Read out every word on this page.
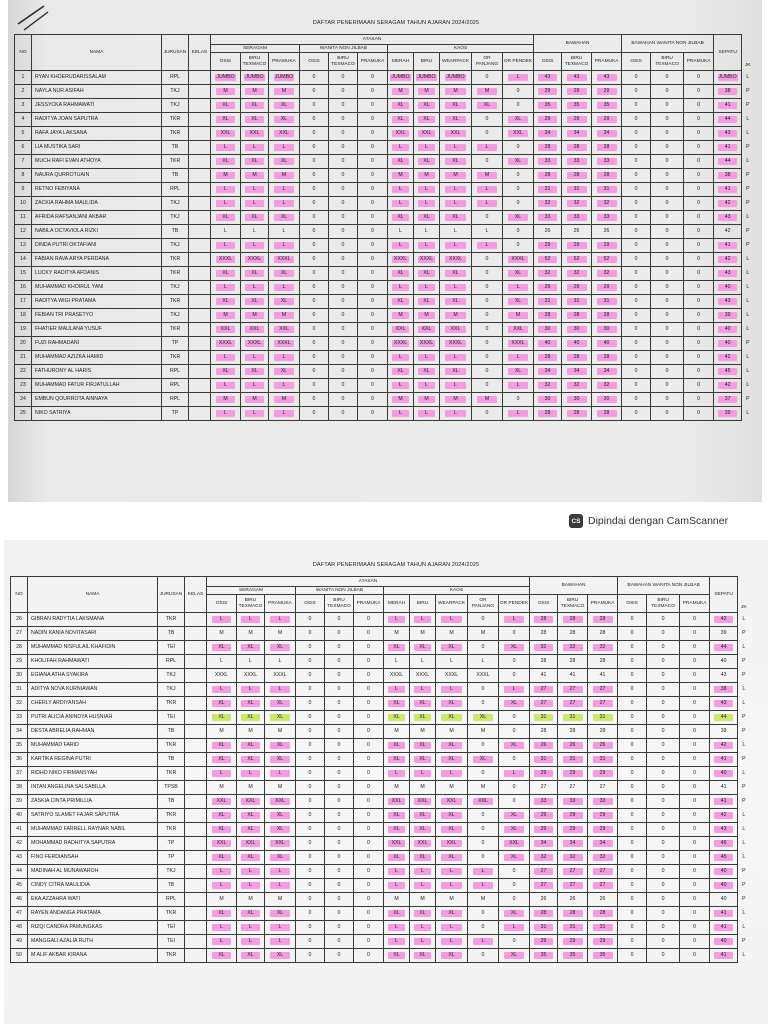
DAFTAR PENERIMAAN SERAGAM TAHUN AJARAN 2024/2025
NO	NAMA	JURUSAN	KELAS	ATASAN											BAWAHAN			BAWAHAN WANITA NON JILBAB			SEPATU	JK
				SERAGAM			WANITA NON JILBAB			KAOS												
				OSIS	BIRU TEXMACO	PRAMUKA	OSIS	BIRU TEXMACO	PRAMUKA	MERAH	BIRU	WEARPACK	OR PANJANG	OR PENDEK	OSIS	BIRU TEXMACO	PRAMUKA	OSIS	BIRU TEXMACO	PRAMUKA		
1	RYAN KHOERUDARISSALAM	RPL		JUMBO	JUMBO	JUMBO	0	0	0	JUMBO	JUMBO	JUMBO	0	L	43	43	43	0	0	0	JUMBO	L
2	NAYLA NUR ASIFAH	TKJ		M	M	M	0	0	0	M	M	M	M	0	29	29	29	0	0	0	38	P
3	JESSYCKA RAHMAWATI	TKJ		XL	XL	XL	0	0	0	XL	XL	XL	XL	0	35	35	35	0	0	0	41	P
4	RADITYA JOAN SAPUTRA	TKR		XL	XL	XL	0	0	0	XL	XL	XL	0	XL	29	29	29	0	0	0	44	L
5	RAFA JAYA LAKSANA	TKR		XXL	XXL	XXL	0	0	0	XXL	XXL	XXL	0	XXL	34	34	34	0	0	0	43	L
6	LIA MUSTIKA SARI	TB		L	L	L	0	0	0	L	L	L	L	0	28	28	28	0	0	0	41	P
7	MUCH RAFI EVAN ATHOYA	TKR		XL	XL	XL	0	0	0	XL	XL	XL	0	XL	33	33	33	0	0	0	44	L
8	NAURA QURROTUAIN	TB		M	M	M	0	0	0	M	M	M	M	0	28	28	28	0	0	0	38	P
9	RETNO FEBIYANA	RPL		L	L	L	0	0	0	L	L	L	L	0	31	31	31	0	0	0	41	P
10	ZACKIA RAHMA MAULIDA	TKJ		L	L	L	0	0	0	L	L	L	L	0	32	32	32	0	0	0	42	P
11	AFRIDA RAFSANJANI AKBAR	TKJ		XL	XL	XL	0	0	0	XL	XL	XL	0	XL	33	33	33	0	0	0	43	L
12	NABILA OCTAVIOLA RIZKI	TB		L	L	L	0	0	0	L	L	L	L	0	26	26	26	0	0	0	42	P
13	DINDA PUTRI OKTAFIANI	TKJ		L	L	L	0	0	0	L	L	L	L	0	29	29	29	0	0	0	41	P
14	FABIAN RAVA ARYA PERDANA	TKR		XXXL	XXXL	XXXL	0	0	0	XXXL	XXXL	XXXL	0	XXXL	52	52	52	0	0	0	42	L
15	LUCKY RADITYA AFDANIS	TKR		XL	XL	XL	0	0	0	XL	XL	XL	0	XL	32	32	32	0	0	0	43	L
16	MUHAMMAD KHOIRUL YANI	TKJ		L	L	L	0	0	0	L	L	L	0	L	29	29	29	0	0	0	40	L
17	RADITYA WIGI PRATAMA	TKR		XL	XL	XL	0	0	0	XL	XL	XL	0	XL	31	31	31	0	0	0	43	L
18	FEBIAN TRI PRASETYO	TKJ		M	M	M	0	0	0	M	M	M	0	M	28	28	28	0	0	0	39	L
19	FHATIER MAULANA YUSUF	TKR		XXL	XXL	XXL	0	0	0	XXL	XXL	XXL	0	XXL	30	30	30	0	0	0	40	L
20	FUZI RAHMADANI	TP		XXXL	XXXL	XXXL	0	0	0	XXXL	XXXL	XXXL	0	XXXL	40	40	40	0	0	0	40	P
21	MUHAMMAD AZIZKA HAMID	TKR		L	L	L	0	0	0	L	L	L	0	L	28	28	28	0	0	0	42	L
22	FATHURONY AL HARIS	RPL		XL	XL	XL	0	0	0	XL	XL	XL	0	XL	34	34	34	0	0	0	45	L
23	MUHAMMAD FATUR FIRJATULLAH	RPL		L	L	L	0	0	0	L	L	L	0	L	32	32	32	0	0	0	42	L
24	EMBUN QOURROTA AINNAYA	RPL		M	M	M	0	0	0	M	M	M	M	0	30	30	30	0	0	0	37	P
25	NIKO SATRIYA	TP		L	L	L	0	0	0	L	L	L	0	L	28	28	28	0	0	0	39	L
CS Dipindai dengan CamScanner
DAFTAR PENERIMAAN SERAGAM TAHUN AJARAN 2024/2025
NO	NAMA	JURUSAN	KELAS	ATASAN											BAWAHAN			BAWAHAN WANITA NON JILBAB			SEPATU	JK
				SERAGAM			WANITA NON JILBAB			KAOS												
				OSIS	BIRU TEXMACO	PRAMUKA	OSIS	BIRU TEXMACO	PRAMUKA	MERAH	BIRU	WEARPACK	OR PANJANG	OR PENDEK	OSIS	BIRU TEXMACO	PRAMUKA	OSIS	BIRU TEXMACO	PRAMUKA		
26	GIBRAN RADYTIA LAKSMANA	TKR		L	L	L	0	0	0	L	L	L	0	L	28	28	28	0	0	0	42	L
27	NADIN KANIA NOVITASARI	TB		M	M	M	0	0	0	M	M	M	M	0	28	28	28	0	0	0	39	P
28	MUHAMMAD NISFULAIL KHAFIDIN	TEI		XL	XL	XL	0	0	0	XL	XL	XL	0	XL	32	32	32	0	0	0	44	L
29	KHOLIFAH RAHMAWATI	RPL		L	L	L	0	0	0	L	L	L	L	0	28	28	28	0	0	0	40	P
30	EGIANA ATHA SYAKIRA	TKJ		XXXL	XXXL	XXXL	0	0	0	XXXL	XXXL	XXXL	XXXL	0	41	41	41	0	0	0	43	P
31	ADITYA NOVA KURNIAWAN	TKJ		L	L	L	0	0	0	L	L	L	0	L	27	27	27	0	0	0	38	L
32	CHERLY ARDIYANSAH	TKR		XL	XL	XL	0	0	0	XL	XL	XL	0	XL	27	27	27	0	0	0	43	L
33	PUTRI ALICIA ANINDYA HUSNIAH	TEI		XL	XL	XL	0	0	0	XL	XL	XL	XL	0	31	31	31	0	0	0	44	P
34	DESTA ABRELIA RAHMAN	TB		M	M	M	0	0	0	M	M	M	M	0	28	28	28	0	0	0	39	P
35	MUHAMMAD FARID	TKR		XL	XL	XL	0	0	0	XL	XL	XL	0	XL	26	26	26	0	0	0	42	L
36	KARTIKA REGINA PUTRI	TB		XL	XL	XL	0	0	0	XL	XL	XL	XL	0	31	31	31	0	0	0	41	P
37	RIDHO NIKO FIRMANSYAH	TKR		L	L	L	0	0	0	L	L	L	0	L	29	29	29	0	0	0	40	L
38	INTAN ANGELINA SALSABILLA	TPSB		M	M	M	0	0	0	M	M	M	M	0	27	27	27	0	0	0	41	P
39	ZASKIA CINTA PRIMILLIA	TB		XXL	XXL	XXL	0	0	0	XXL	XXL	XXL	XXL	0	33	33	33	0	0	0	41	P
40	SATRIYO SLAMET FAJAR SAPUTRA	TKR		XL	XL	XL	0	0	0	XL	XL	XL	0	XL	29	29	29	0	0	0	42	L
41	MUHAMMAD FARRELL RAYNAR NABIL	TKR		XL	XL	XL	0	0	0	XL	XL	XL	0	XL	29	29	29	0	0	0	43	L
42	MOHAMMAD RADHITYA SAPUTRA	TP		XXL	XXL	XXL	0	0	0	XXL	XXL	XXL	0	XXL	34	34	34	0	0	0	46	L
43	FINO FERDIANSAH	TP		XL	XL	XL	0	0	0	XL	XL	XL	0	XL	32	32	32	0	0	0	45	L
44	MADINAH AL MUNAWAROH	TKJ		L	L	L	0	0	0	L	L	L	L	0	27	27	27	0	0	0	40	P
45	CINDY CITRA MAULIDIA	TB		L	L	L	0	0	0	L	L	L	L	0	27	27	27	0	0	0	40	P
46	EKA AZZAHRA WATI	RPL		M	M	M	0	0	0	M	M	M	M	0	26	26	26	0	0	0	40	P
47	RAYEN ANDANGA PRATAMA	TKR		XL	XL	XL	0	0	0	XL	XL	XL	0	XL	28	28	28	0	0	0	41	L
48	RIZQI CANDRA PAMUNGKAS	TEI		L	L	L	0	0	0	L	L	L	0	L	31	31	31	0	0	0	41	L
49	MANGGALI AZALIA RUTH	TEI		L	L	L	0	0	0	L	L	L	L	0	29	29	29	0	0	0	40	P
50	M ALIF AKBAR KIRANA	TKR		XL	XL	XL	0	0	0	XL	XL	XL	0	XL	35	35	35	0	0	0	41	L
